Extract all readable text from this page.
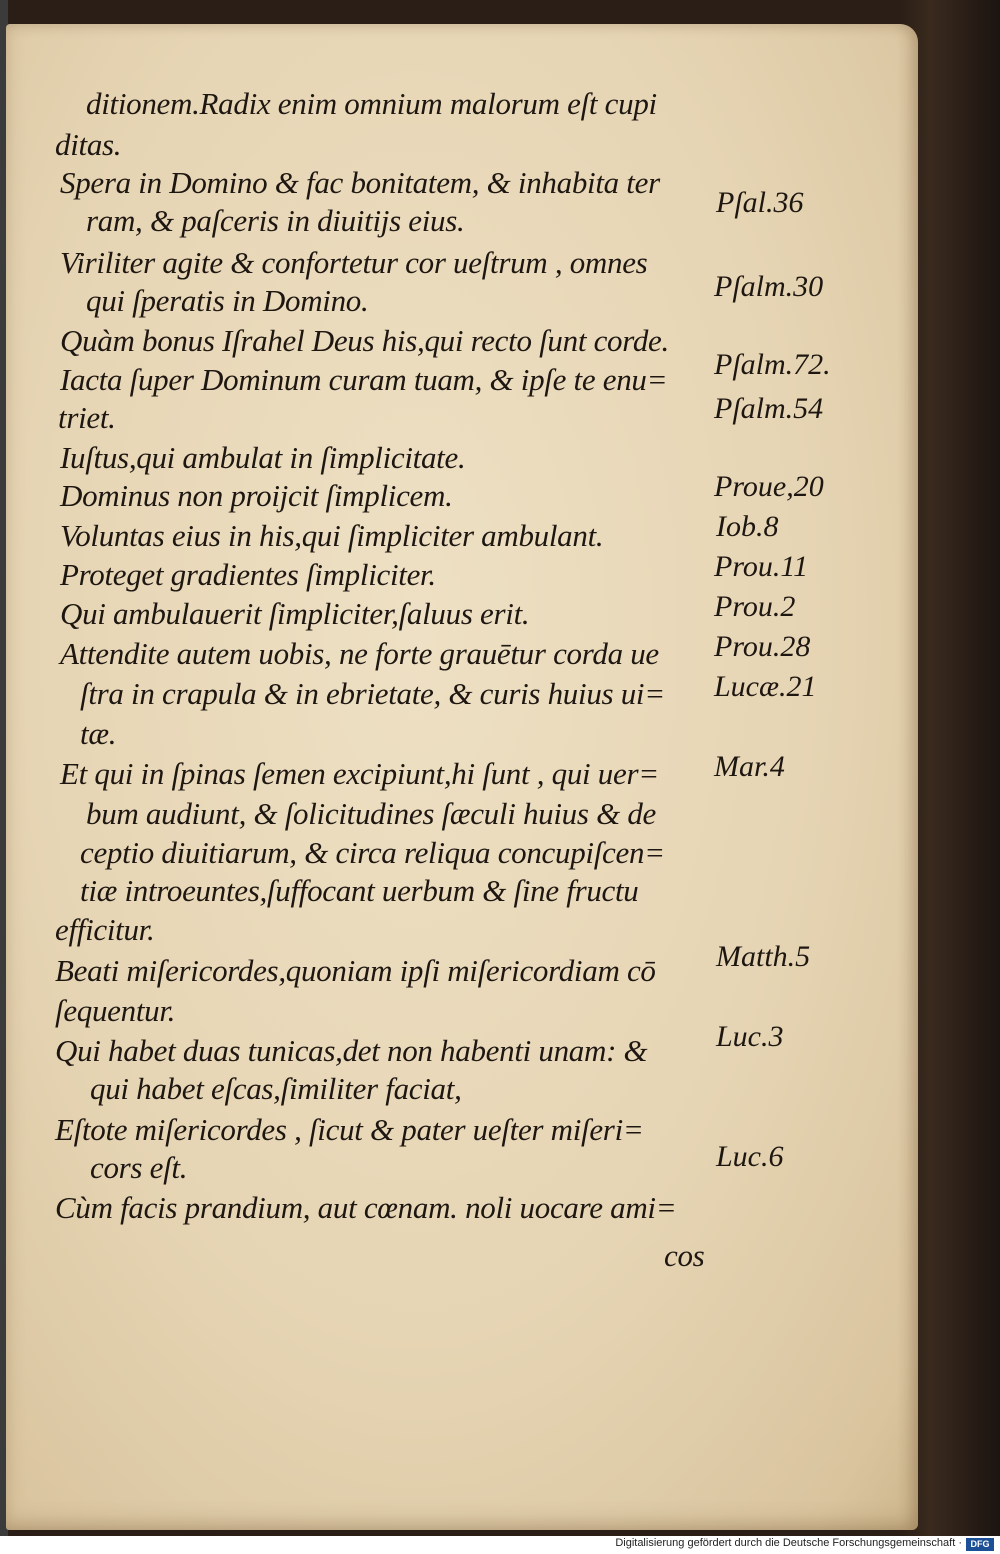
ditionem.Radix enim omnium malorum eſt cupi
ditas.
Spera in Domino & fac bonitatem, & inhabita ter
ram, & paſceris in diuitijs eius.
Viriliter agite & confortetur cor ueſtrum , omnes
qui ſperatis in Domino.
Quàm bonus Iſrahel Deus his,qui recto ſunt corde.
Iacta ſuper Dominum curam tuam, & ipſe te enu=
triet.
Iuſtus,qui ambulat in ſimplicitate.
Dominus non proijcit ſimplicem.
Voluntas eius in his,qui ſimpliciter ambulant.
Proteget gradientes ſimpliciter.
Qui ambulauerit ſimpliciter,ſaluus erit.
Attendite autem uobis, ne forte grauētur corda ue
ſtra in crapula & in ebrietate, & curis huius ui=
tæ.
Et qui in ſpinas ſemen excipiunt,hi ſunt , qui uer=
bum audiunt, & ſolicitudines ſæculi huius & de
ceptio diuitiarum, & circa reliqua concupiſcen=
tiæ introeuntes,ſuffocant uerbum & ſine fructu
efficitur.
Beati miſericordes,quoniam ipſi miſericordiam cō
ſequentur.
Qui habet duas tunicas,det non habenti unam: &
qui habet eſcas,ſimiliter faciat,
Eſtote miſericordes , ſicut & pater ueſter miſeri=
cors eſt.
Cùm facis prandium, aut cœnam. noli uocare ami=
cos
Pſal.36
Pſalm.30
Pſalm.72.
Pſalm.54
Proue,20
Iob.8
Prou.11
Prou.2
Prou.28
Lucæ.21
Mar.4
Matth.5
Luc.3
Luc.6
Digitalisierung gefördert durch die Deutsche Forschungsgemeinschaft · DFG
